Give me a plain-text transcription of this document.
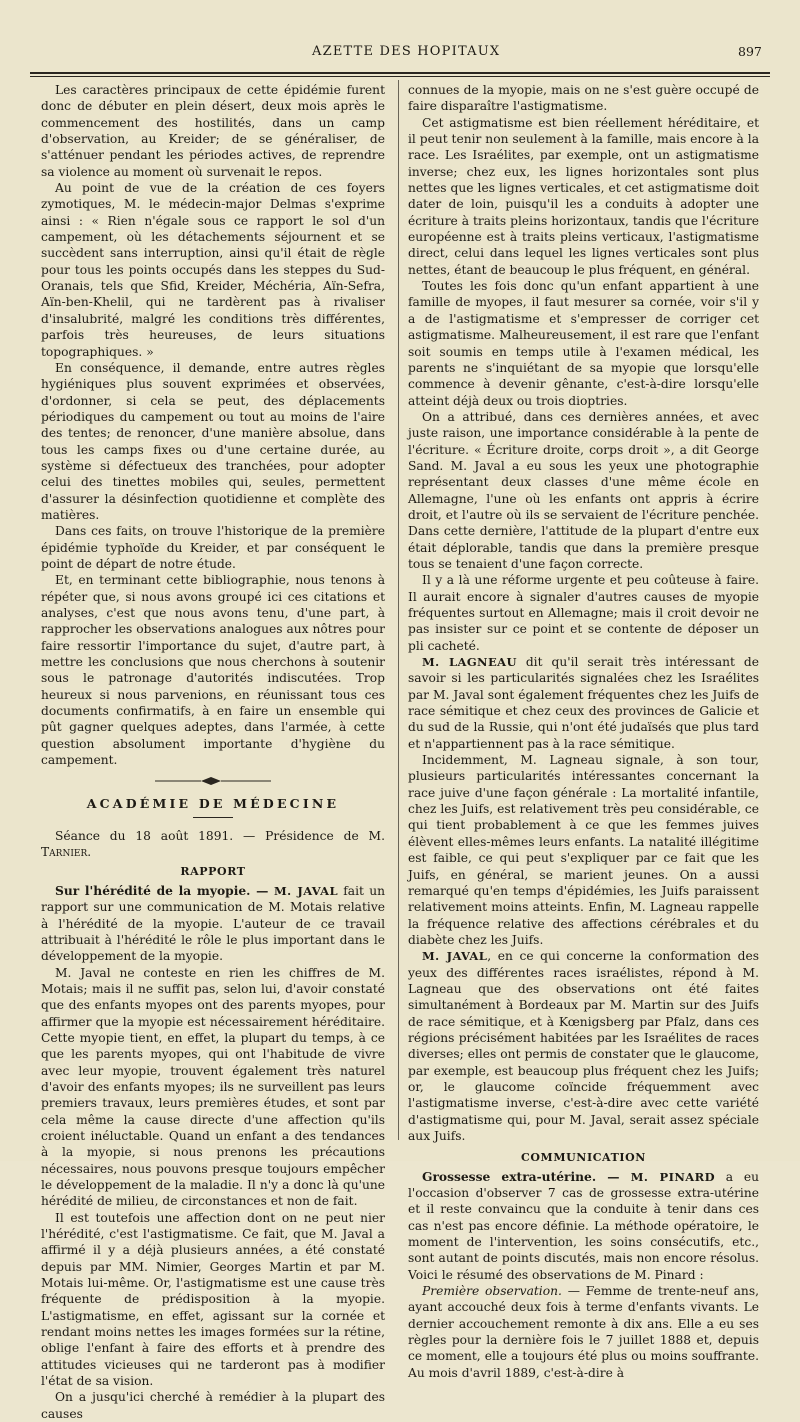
AZETTE DES HOPITAUX	897

Les caractères principaux de cette épidémie furent donc de débuter en plein désert, deux mois après le commencement des hostilités, dans un camp d'observation, au Kreider; de se généraliser, de s'atténuer pendant les périodes actives, de reprendre sa violence au moment où survenait le repos.

Au point de vue de la création de ces foyers zymotiques, M. le médecin-major Delmas s'exprime ainsi : « Rien n'égale sous ce rapport le sol d'un campement, où les détachements séjournent et se succèdent sans interruption, ainsi qu'il était de règle pour tous les points occupés dans les steppes du Sud-Oranais, tels que Sfid, Kreider, Méchéria, Aïn-Sefra, Aïn-ben-Khelil, qui ne tardèrent pas à rivaliser d'insalubrité, malgré les conditions très différentes, parfois très heureuses, de leurs situations topographiques. »

En conséquence, il demande, entre autres règles hygiéniques plus souvent exprimées et observées, d'ordonner, si cela se peut, des déplacements périodiques du campement ou tout au moins de l'aire des tentes; de renoncer, d'une manière absolue, dans tous les camps fixes ou d'une certaine durée, au système si défectueux des tranchées, pour adopter celui des tinettes mobiles qui, seules, permettent d'assurer la désinfection quotidienne et complète des matières.

Dans ces faits, on trouve l'historique de la première épidémie typhoïde du Kreider, et par conséquent le point de départ de notre étude.

Et, en terminant cette bibliographie, nous tenons à répéter que, si nous avons groupé ici ces citations et analyses, c'est que nous avons tenu, d'une part, à rapprocher les observations analogues aux nôtres pour faire ressortir l'importance du sujet, d'autre part, à mettre les conclusions que nous cherchons à soutenir sous le patronage d'autorités indiscutées. Trop heureux si nous parvenions, en réunissant tous ces documents confirmatifs, à en faire un ensemble qui pût gagner quelques adeptes, dans l'armée, à cette question absolument importante d'hygiène du campement.

ACADÉMIE DE MÉDECINE

Séance du 18 août 1891. — Présidence de M. Tarnier.

RAPPORT

Sur l'hérédité de la myopie. — M. JAVAL fait un rapport sur une communication de M. Motais relative à l'hérédité de la myopie. L'auteur de ce travail attribuait à l'hérédité le rôle le plus important dans le développement de la myopie.

M. Javal ne conteste en rien les chiffres de M. Motais; mais il ne suffit pas, selon lui, d'avoir constaté que des enfants myopes ont des parents myopes, pour affirmer que la myopie est nécessairement héréditaire. Cette myopie tient, en effet, la plupart du temps, à ce que les parents myopes, qui ont l'habitude de vivre avec leur myopie, trouvent également très naturel d'avoir des enfants myopes; ils ne surveillent pas leurs premiers travaux, leurs premières études, et sont par cela même la cause directe d'une affection qu'ils croient inéluctable. Quand un enfant a des tendances à la myopie, si nous prenons les précautions nécessaires, nous pouvons presque toujours empêcher le développement de la maladie. Il n'y a donc là qu'une hérédité de milieu, de circonstances et non de fait.

Il est toutefois une affection dont on ne peut nier l'hérédité, c'est l'astigmatisme. Ce fait, que M. Javal a affirmé il y a déjà plusieurs années, a été constaté depuis par MM. Nimier, Georges Martin et par M. Motais lui-même. Or, l'astigmatisme est une cause très fréquente de prédisposition à la myopie. L'astigmatisme, en effet, agissant sur la cornée et rendant moins nettes les images formées sur la rétine, oblige l'enfant à faire des efforts et à prendre des attitudes vicieuses qui ne tarderont pas à modifier l'état de sa vision.

On a jusqu'ici cherché à remédier à la plupart des causes

connues de la myopie, mais on ne s'est guère occupé de faire disparaître l'astigmatisme.

Cet astigmatisme est bien réellement héréditaire, et il peut tenir non seulement à la famille, mais encore à la race. Les Israélites, par exemple, ont un astigmatisme inverse; chez eux, les lignes horizontales sont plus nettes que les lignes verticales, et cet astigmatisme doit dater de loin, puisqu'il les a conduits à adopter une écriture à traits pleins horizontaux, tandis que l'écriture européenne est à traits pleins verticaux, l'astigmatisme direct, celui dans lequel les lignes verticales sont plus nettes, étant de beaucoup le plus fréquent, en général.

Toutes les fois donc qu'un enfant appartient à une famille de myopes, il faut mesurer sa cornée, voir s'il y a de l'astigmatisme et s'empresser de corriger cet astigmatisme. Malheureusement, il est rare que l'enfant soit soumis en temps utile à l'examen médical, les parents ne s'inquiétant de sa myopie que lorsqu'elle commence à devenir gênante, c'est-à-dire lorsqu'elle atteint déjà deux ou trois dioptries.

On a attribué, dans ces dernières années, et avec juste raison, une importance considérable à la pente de l'écriture. « Écriture droite, corps droit », a dit George Sand. M. Javal a eu sous les yeux une photographie représentant deux classes d'une même école en Allemagne, l'une où les enfants ont appris à écrire droit, et l'autre où ils se servaient de l'écriture penchée. Dans cette dernière, l'attitude de la plupart d'entre eux était déplorable, tandis que dans la première presque tous se tenaient d'une façon correcte.

Il y a là une réforme urgente et peu coûteuse à faire. Il aurait encore à signaler d'autres causes de myopie fréquentes surtout en Allemagne; mais il croit devoir ne pas insister sur ce point et se contente de déposer un pli cacheté.

M. LAGNEAU dit qu'il serait très intéressant de savoir si les particularités signalées chez les Israélites par M. Javal sont également fréquentes chez les Juifs de race sémitique et chez ceux des provinces de Galicie et du sud de la Russie, qui n'ont été judaïsés que plus tard et n'appartiennent pas à la race sémitique.

Incidemment, M. Lagneau signale, à son tour, plusieurs particularités intéressantes concernant la race juive d'une façon générale : La mortalité infantile, chez les Juifs, est relativement très peu considérable, ce qui tient probablement à ce que les femmes juives élèvent elles-mêmes leurs enfants. La natalité illégitime est faible, ce qui peut s'expliquer par ce fait que les Juifs, en général, se marient jeunes. On a aussi remarqué qu'en temps d'épidémies, les Juifs paraissent relativement moins atteints. Enfin, M. Lagneau rappelle la fréquence relative des affections cérébrales et du diabète chez les Juifs.

M. JAVAL, en ce qui concerne la conformation des yeux des différentes races israélistes, répond à M. Lagneau que des observations ont été faites simultanément à Bordeaux par M. Martin sur des Juifs de race sémitique, et à Kœnigsberg par Pfalz, dans ces régions précisément habitées par les Israélites de races diverses; elles ont permis de constater que le glaucome, par exemple, est beaucoup plus fréquent chez les Juifs; or, le glaucome coïncide fréquemment avec l'astigmatisme inverse, c'est-à-dire avec cette variété d'astigmatisme qui, pour M. Javal, serait assez spéciale aux Juifs.

COMMUNICATION

Grossesse extra-utérine. — M. PINARD a eu l'occasion d'observer 7 cas de grossesse extra-utérine et il reste convaincu que la conduite à tenir dans ces cas n'est pas encore définie. La méthode opératoire, le moment de l'intervention, les soins consécutifs, etc., sont autant de points discutés, mais non encore résolus. Voici le résumé des observations de M. Pinard :

Première observation. — Femme de trente-neuf ans, ayant accouché deux fois à terme d'enfants vivants. Le dernier accouchement remonte à dix ans. Elle a eu ses règles pour la dernière fois le 7 juillet 1888 et, depuis ce moment, elle a toujours été plus ou moins souffrante. Au mois d'avril 1889, c'est-à-dire à
